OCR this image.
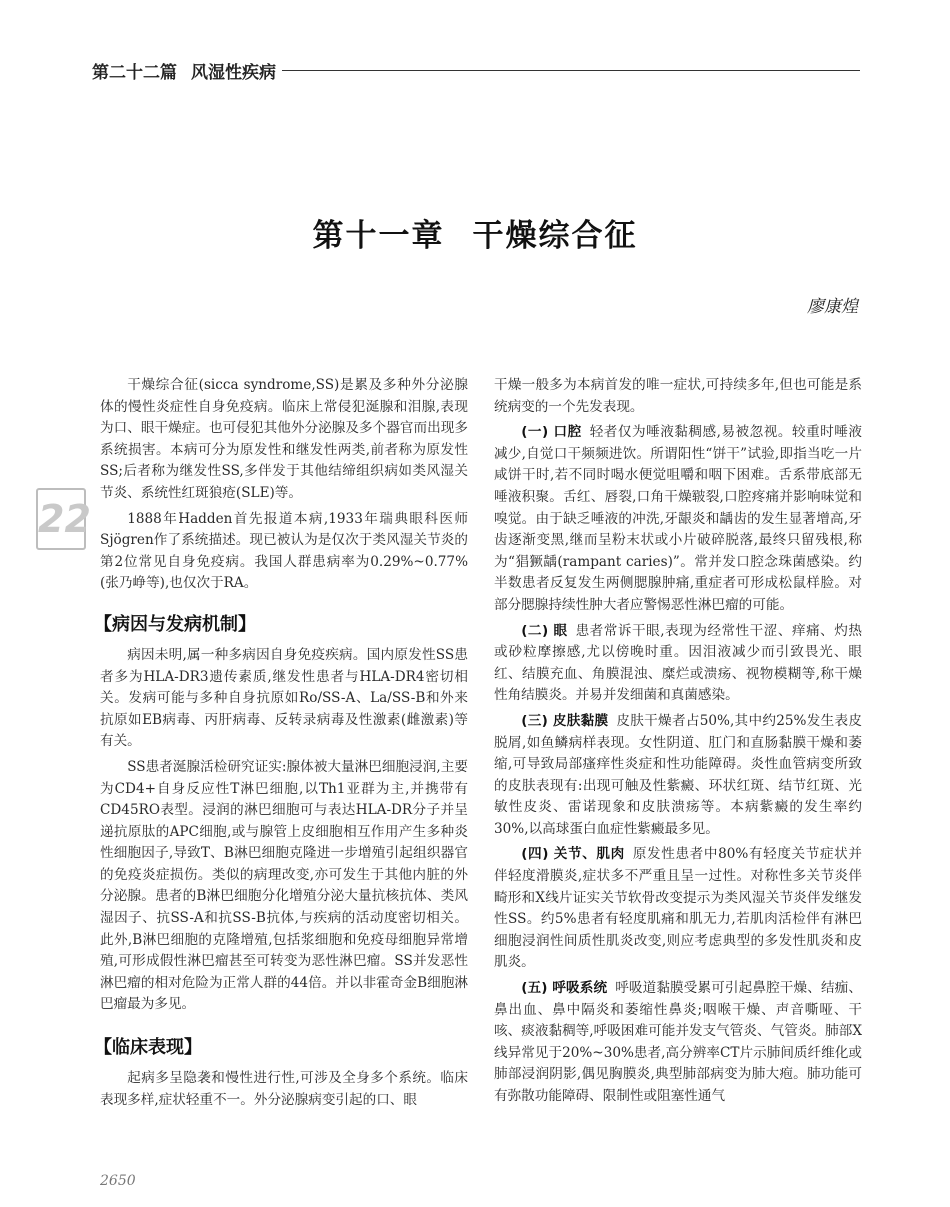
第二十二篇 风湿性疾病
第十一章 干燥综合征
廖康煌
22

干燥综合征(sicca syndrome,SS)是累及多种外分泌腺体的慢性炎症性自身免疫病。临床上常侵犯涎腺和泪腺,表现为口、眼干燥症。也可侵犯其他外分泌腺及多个器官而出现多系统损害。本病可分为原发性和继发性两类,前者称为原发性SS;后者称为继发性SS,多伴发于其他结缔组织病如类风湿关节炎、系统性红斑狼疮(SLE)等。

1888年Hadden首先报道本病,1933年瑞典眼科医师Sjögren作了系统描述。现已被认为是仅次于类风湿关节炎的第2位常见自身免疫病。我国人群患病率为0.29%~0.77%(张乃峥等),也仅次于RA。

【病因与发病机制】

病因未明,属一种多病因自身免疫疾病。国内原发性SS患者多为HLA-DR3遗传素质,继发性患者与HLA-DR4密切相关。发病可能与多种自身抗原如Ro/SS-A、La/SS-B和外来抗原如EB病毒、丙肝病毒、反转录病毒及性激素(雌激素)等有关。

SS患者涎腺活检研究证实:腺体被大量淋巴细胞浸润,主要为CD4+自身反应性T淋巴细胞,以Th1亚群为主,并携带有CD45RO表型。浸润的淋巴细胞可与表达HLA-DR分子并呈递抗原肽的APC细胞,或与腺管上皮细胞相互作用产生多种炎性细胞因子,导致T、B淋巴细胞克隆进一步增殖引起组织器官的免疫炎症损伤。类似的病理改变,亦可发生于其他内脏的外分泌腺。患者的B淋巴细胞分化增殖分泌大量抗核抗体、类风湿因子、抗SS-A和抗SS-B抗体,与疾病的活动度密切相关。此外,B淋巴细胞的克隆增殖,包括浆细胞和免疫母细胞异常增殖,可形成假性淋巴瘤甚至可转变为恶性淋巴瘤。SS并发恶性淋巴瘤的相对危险为正常人群的44倍。并以非霍奇金B细胞淋巴瘤最为多见。

【临床表现】

起病多呈隐袭和慢性进行性,可涉及全身多个系统。临床表现多样,症状轻重不一。外分泌腺病变引起的口、眼

干燥一般多为本病首发的唯一症状,可持续多年,但也可能是系统病变的一个先发表现。

(一) 口腔 轻者仅为唾液黏稠感,易被忽视。较重时唾液减少,自觉口干频频进饮。所谓阳性“饼干”试验,即指当吃一片咸饼干时,若不同时喝水便觉咀嚼和咽下困难。舌系带底部无唾液积聚。舌红、唇裂,口角干燥皲裂,口腔疼痛并影响味觉和嗅觉。由于缺乏唾液的冲洗,牙龈炎和龋齿的发生显著增高,牙齿逐渐变黑,继而呈粉末状或小片破碎脱落,最终只留残根,称为“猖獗龋(rampant caries)”。常并发口腔念珠菌感染。约半数患者反复发生两侧腮腺肿痛,重症者可形成松鼠样脸。对部分腮腺持续性肿大者应警惕恶性淋巴瘤的可能。

(二) 眼 患者常诉干眼,表现为经常性干涩、痒痛、灼热或砂粒摩擦感,尤以傍晚时重。因泪液减少而引致畏光、眼红、结膜充血、角膜混浊、糜烂或溃疡、视物模糊等,称干燥性角结膜炎。并易并发细菌和真菌感染。

(三) 皮肤黏膜 皮肤干燥者占50%,其中约25%发生表皮脱屑,如鱼鳞病样表现。女性阴道、肛门和直肠黏膜干燥和萎缩,可导致局部瘙痒性炎症和性功能障碍。炎性血管病变所致的皮肤表现有:出现可触及性紫癜、环状红斑、结节红斑、光敏性皮炎、雷诺现象和皮肤溃疡等。本病紫癜的发生率约30%,以高球蛋白血症性紫癜最多见。

(四) 关节、肌肉 原发性患者中80%有轻度关节症状并伴轻度滑膜炎,症状多不严重且呈一过性。对称性多关节炎伴畸形和X线片证实关节软骨改变提示为类风湿关节炎伴发继发性SS。约5%患者有轻度肌痛和肌无力,若肌肉活检伴有淋巴细胞浸润性间质性肌炎改变,则应考虑典型的多发性肌炎和皮肌炎。

(五) 呼吸系统 呼吸道黏膜受累可引起鼻腔干燥、结痂、鼻出血、鼻中隔炎和萎缩性鼻炎;咽喉干燥、声音嘶哑、干咳、痰液黏稠等,呼吸困难可能并发支气管炎、气管炎。肺部X线异常见于20%~30%患者,高分辨率CT片示肺间质纤维化或肺部浸润阴影,偶见胸膜炎,典型肺部病变为肺大疱。肺功能可有弥散功能障碍、限制性或阻塞性通气

2650
